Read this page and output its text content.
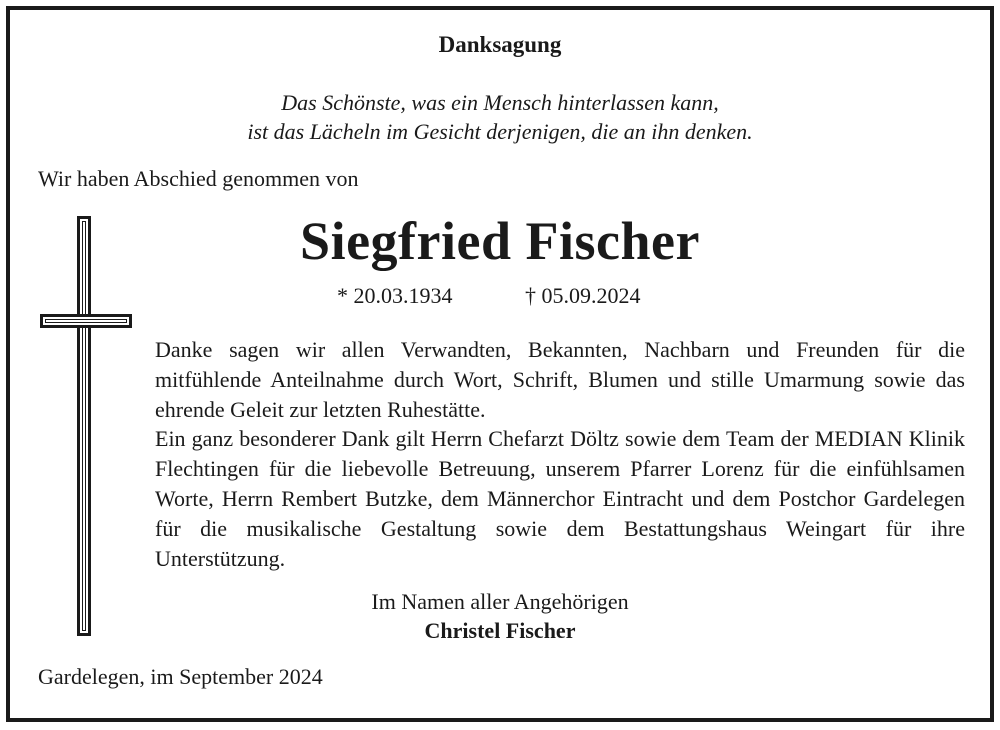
Danksagung
Das Schönste, was ein Mensch hinterlassen kann,
ist das Lächeln im Gesicht derjenigen, die an ihn denken.
Wir haben Abschied genommen von
Siegfried Fischer
* 20.03.1934	† 05.09.2024

Danke sagen wir allen Verwandten, Bekannten, Nachbarn und Freunden für die mitfühlende Anteilnahme durch Wort, Schrift, Blumen und stille Umarmung sowie das ehrende Geleit zur letzten Ruhestätte.

Ein ganz besonderer Dank gilt Herrn Chefarzt Döltz sowie dem Team der MEDIAN Klinik Flechtingen für die liebevolle Betreuung, unserem Pfarrer Lorenz für die einfühlsamen Worte, Herrn Rembert Butzke, dem Männerchor Eintracht und dem Postchor Gardelegen für die musikalische Gestaltung sowie dem Bestattungshaus Weingart für ihre Unterstützung.

Im Namen aller Angehörigen
Christel Fischer
Gardelegen, im September 2024
